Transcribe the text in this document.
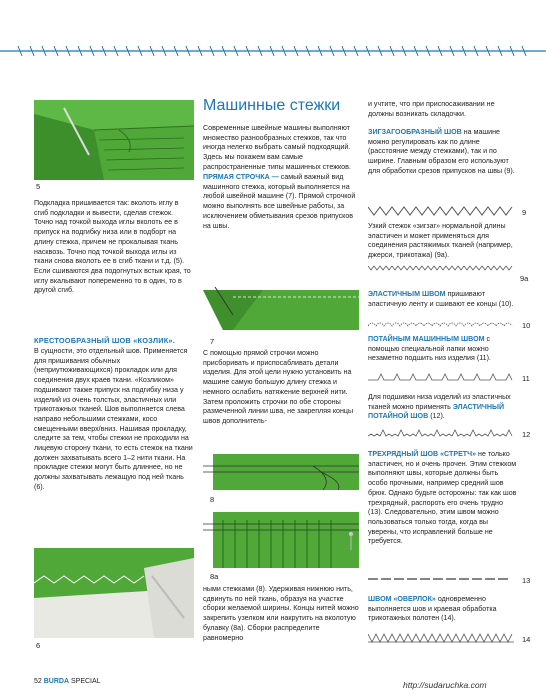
5

Подкладка пришивается так: вколоть иглу в сгиб подкладки и вывести, сделав стежок. Точно над точкой выхода иглы вколоть ее в припуск на подгибку низа или в подборт на длину стежка, причем не прокалывая ткань насквозь. Точно под точкой выхода иглы из ткани снова вколоть ее в сгиб ткани и т.д. (5). Если сшиваются два подогнутых встык края, то иглу вкалывают попеременно то в один, то в другой сгиб.

КРЕСТООБРАЗНЫЙ ШОВ «КОЗЛИК».

В сущности, это отдельный шов. Применяется для пришивания обычных (неприутюживающихся) прокладок или для соединения двух краев ткани. «Козликом» подшивают также припуск на подгибку низа у изделий из очень толстых, эластичных или трикотажных тканей. Шов выполняется слева направо небольшими стежками, косо смещенными вверх/вниз. Нашивая прокладку, следите за тем, чтобы стежки не проходили на лицевую сторону ткани, то есть стежок на ткани должен захватывать всего 1–2 нити ткани. На прокладке стежки могут быть длиннее, но не должны захватывать лежащую под ней ткань (6).

6
Машинные стежки

Современные швейные машины выполняют множество разнообразных стежков, так что иногда нелегко выбрать самый подходящий. Здесь мы покажем вам самые распространенные типы машинных стежков.

ПРЯМАЯ СТРОЧКА — самый важный вид машинного стежка, который выполняется на любой швейной машине (7). Прямой строчкой можно выполнять все швейные работы, за исключением обметывания срезов припусков на швы.

7

С помощью прямой строчки можно присборивать и приспосабливать детали изделия. Для этой цели нужно установить на машине самую большую длину стежка и немного ослабить натяжение верхней нити. Затем проложить строчки по обе стороны размеченной линии шва, не закрепляя концы швов дополнитель-

8
8a

ными стежками (8). Удерживая нижнюю нить, сдвинуть по ней ткань, образуя на участке сборки желаемой ширины. Концы нитей можно закрепить узелком или накрутить на вколотую булавку (8a). Сборки распределите равномерно

и учтите, что при приспосаживании не должны возникать складочки.

ЗИГЗАГООБРАЗНЫЙ ШОВ на машине можно регулировать как по длине (расстояние между стежками), так и по ширине. Главным образом его используют для обработки срезов припусков на швы (9).

9

Узкий стежок «зигзаг» нормальной длины эластичен и может применяться для соединения растяжимых тканей (например, джерси, трикотажа) (9a).

9a

ЭЛАСТИЧНЫМ ШВОМ пришивают эластичную ленту и сшивают ее концы (10).

10

ПОТАЙНЫМ МАШИННЫМ ШВОМ с помощью специальной лапки можно незаметно подшить низ изделия (11).

11

Для подшивки низа изделий из эластичных тканей можно применять ЭЛАСТИЧНЫЙ ПОТАЙНОЙ ШОВ (12).

12

ТРЕХРЯДНЫЙ ШОВ «СТРЕТЧ» не только эластичен, но и очень прочен. Этим стежком выполняют швы, которые должны быть особо прочными, например средний шов брюк. Однако будьте осторожны: так как шов трехрядный, распороть его очень трудно (13). Следовательно, этим швом можно пользоваться только тогда, когда вы уверены, что исправлений больше не требуется.

13

ШВОМ «ОВЕРЛОК» одновременно выполняется шов и краевая обработка трикотажных полотен (14).

14
52 BURDA SPECIAL	http://sudaruchka.com
